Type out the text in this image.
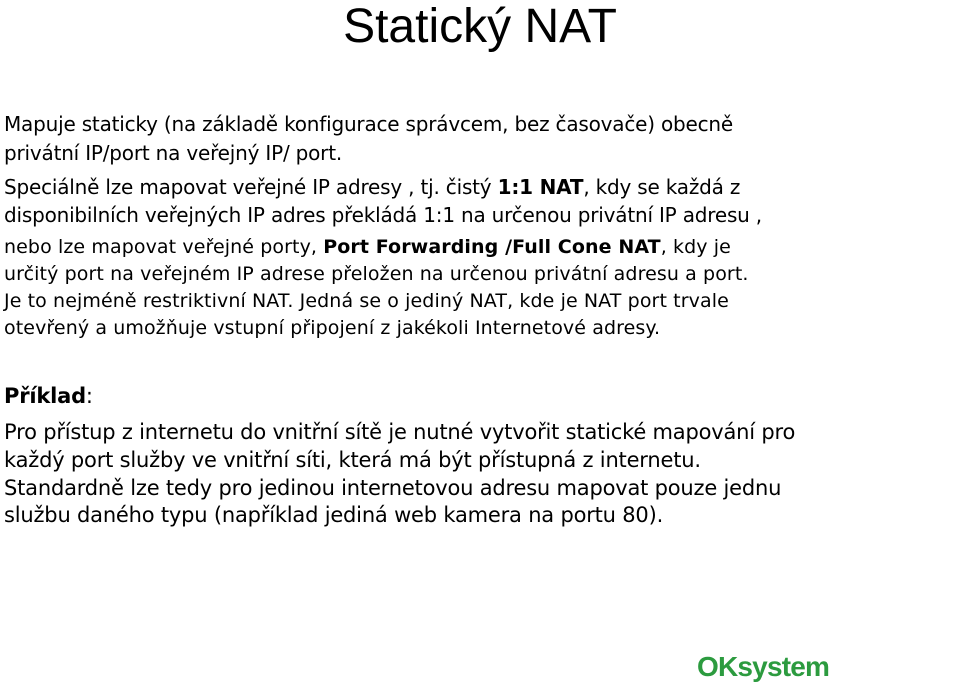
Statický NAT

Mapuje staticky (na základě konfigurace správcem, bez časovače) obecně

privátní IP/port na veřejný IP/ port.

Speciálně lze mapovat veřejné IP adresy , tj. čistý 1:1 NAT, kdy se každá z

disponibilních veřejných IP adres překládá 1:1 na určenou privátní IP adresu ,

nebo lze mapovat veřejné porty, Port Forwarding /Full Cone NAT, kdy je

určitý port na veřejném IP adrese přeložen na určenou privátní adresu a port.

Je to nejméně restriktivní NAT. Jedná se o jediný NAT, kde je NAT port trvale

otevřený a umožňuje vstupní připojení z jakékoli Internetové adresy.

Příklad:

Pro přístup z internetu do vnitřní sítě je nutné vytvořit statické mapování pro

každý port služby ve vnitřní síti, která má být přístupná z internetu.

Standardně lze tedy pro jedinou internetovou adresu mapovat pouze jednu

službu daného typu (například jediná web kamera na portu 80).

OKsystem
